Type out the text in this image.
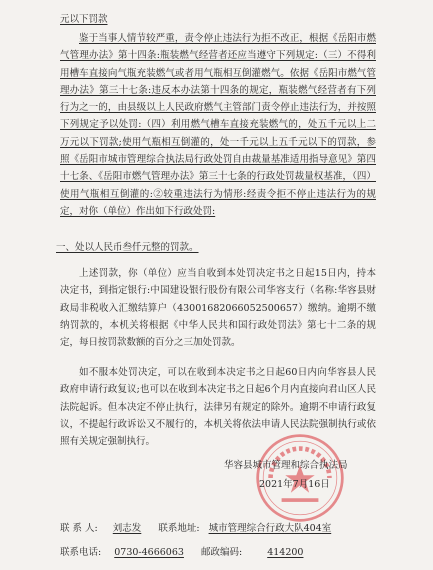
元以下罚款

鉴于当事人情节较严重，责令停止违法行为拒不改正，根据《岳阳市燃气管理办法》第十四条:瓶装燃气经营者还应当遵守下列规定:（三）不得利用槽车直接向气瓶充装燃气或者用气瓶相互倒灌燃气。依据《岳阳市燃气管理办法》第三十七条:违反本办法第十四条的规定，瓶装燃气经营者有下列行为之一的，由县级以上人民政府燃气主管部门责令停止违法行为，并按照下列规定予以处罚:（四）利用燃气槽车直接充装燃气的，处五千元以上二万元以下罚款;使用气瓶相互倒灌的，处一千元以上五千元以下的罚款，参照《岳阳市城市管理综合执法局行政处罚自由裁量基准适用指导意见》第四十七条、《岳阳市燃气管理办法》第三十七条的行政处罚裁量权基准，（四）使用气瓶相互倒灌的:②较重违法行为情形:经责令拒不停止违法行为的规定，对你（单位）作出如下行政处罚:

一、处以人民币叁仟元整的罚款。

上述罚款，你（单位）应当自收到本处罚决定书之日起15日内，持本决定书，到指定银行:中国建设银行股份有限公司华容支行（名称:华容县财政局非税收入汇缴结算户（430016820660525006​57）缴纳。逾期不缴纳罚款的，本机关将根据《中华人民共和国行政处罚法》第七十二条的规定，每日按罚款数额的百分之三加处罚款。

如不服本处罚决定，可以在收到本决定书之日起60日内向华容县人民政府申请行政复议;也可以在收到本决定书之日起6个月内直接向君山区人民法院起诉。但本决定不停止执行，法律另有规定的除外。逾期不申请行政复议，不提起行政诉讼又不履行的，本机关将依法申请人民法院强制执行或依照有关规定强制执行。

华容县城市管理和综合执法局
2021年7月16日
联 系 人: 刘志发 联系地址: 城市管理综合行政大队404室
联系电话: 0730-4666063 邮政编码:	414200
